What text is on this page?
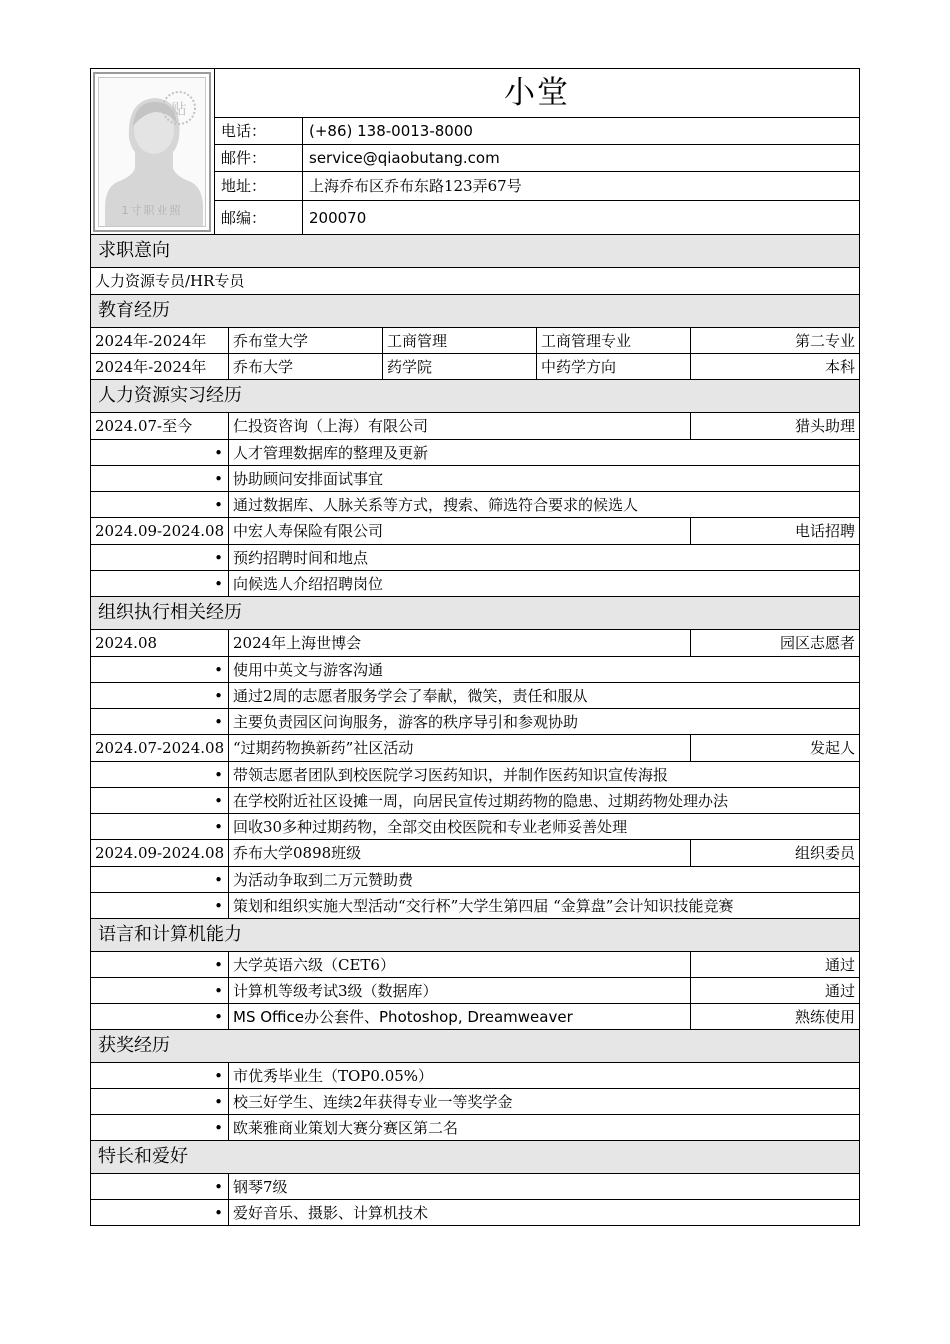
贴
1寸职业照	小堂	
	电话：	(+86) 138-0013-8000
	邮件：	service@qiaobutang.com
	地址：	上海乔布区乔布东路123弄67号
	邮编：	200070
求职意向				
人力资源专员/HR专员				
教育经历				
2024年-2024年	乔布堂大学	工商管理	工商管理专业	第二专业
2024年-2024年	乔布大学	药学院	中药学方向	本科
人力资源实习经历				
2024.07-至今	仁投资咨询（上海）有限公司			猎头助理
•	人才管理数据库的整理及更新			
•	协助顾问安排面试事宜			
•	通过数据库、人脉关系等方式，搜索、筛选符合要求的候选人			
2024.09-2024.08	中宏人寿保险有限公司			电话招聘
•	预约招聘时间和地点			
•	向候选人介绍招聘岗位			
组织执行相关经历				
2024.08	2024年上海世博会			园区志愿者
•	使用中英文与游客沟通			
•	通过2周的志愿者服务学会了奉献，微笑，责任和服从			
•	主要负责园区问询服务，游客的秩序导引和参观协助			
2024.07-2024.08	“过期药物换新药”社区活动			发起人
•	带领志愿者团队到校医院学习医药知识，并制作医药知识宣传海报			
•	在学校附近社区设摊一周，向居民宣传过期药物的隐患、过期药物处理办法			
•	回收30多种过期药物，全部交由校医院和专业老师妥善处理			
2024.09-2024.08	乔布大学0898班级			组织委员
•	为活动争取到二万元赞助费			
•	策划和组织实施大型活动“交行杯”大学生第四届 “金算盘”会计知识技能竞赛			
语言和计算机能力				
•	大学英语六级（CET6）			通过
•	计算机等级考试3级（数据库）			通过
•	MS Office办公套件、Photoshop, Dreamweaver			熟练使用
获奖经历				
•	市优秀毕业生（TOP0.05%）			
•	校三好学生、连续2年获得专业一等奖学金			
•	欧莱雅商业策划大赛分赛区第二名			
特长和爱好				
•	钢琴7级			
•	爱好音乐、摄影、计算机技术			
